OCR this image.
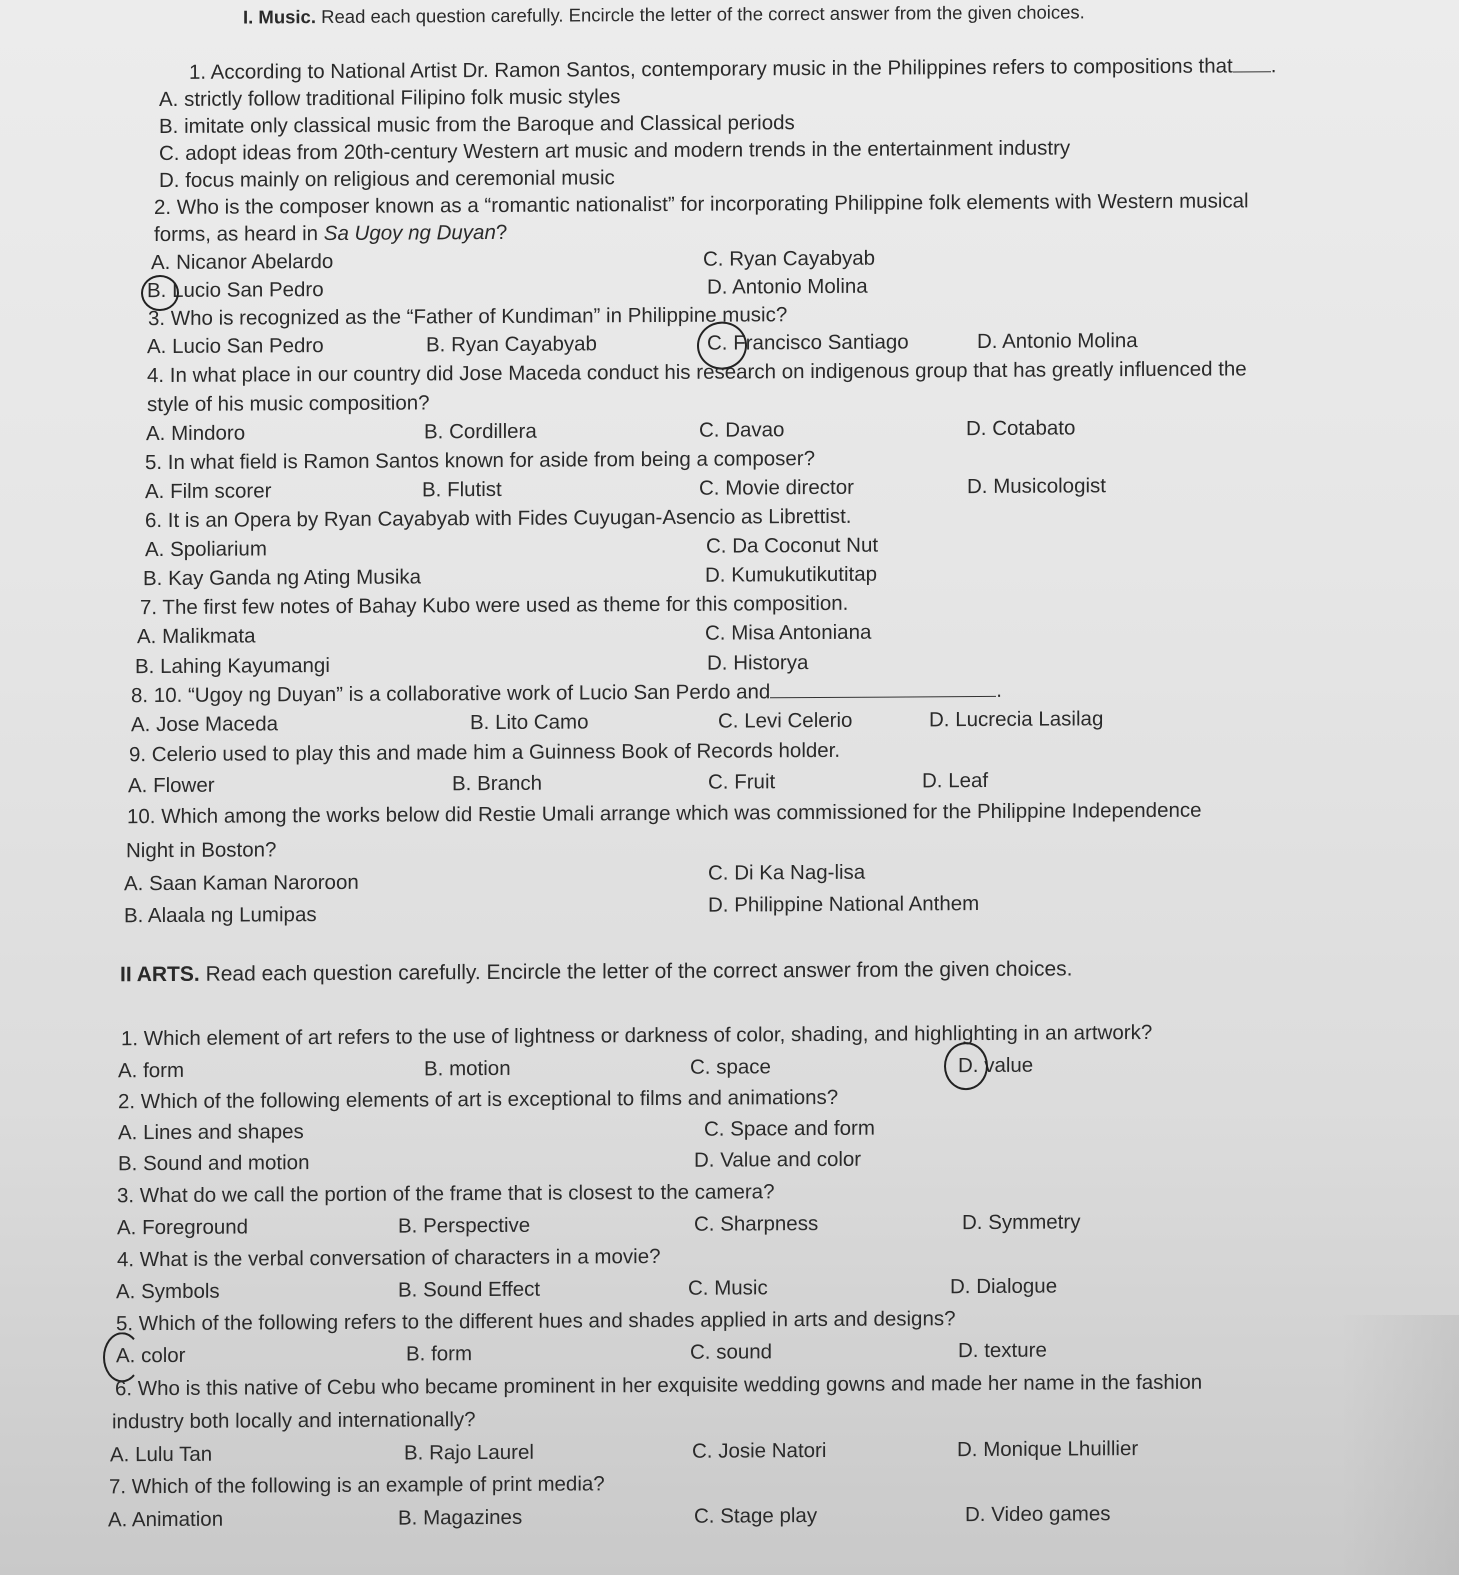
I. Music. Read each question carefully. Encircle the letter of the correct answer from the given choices.
1. According to National Artist Dr. Ramon Santos, contemporary music in the Philippines refers to compositions that .
A. strictly follow traditional Filipino folk music styles
B. imitate only classical music from the Baroque and Classical periods
C. adopt ideas from 20th-century Western art music and modern trends in the entertainment industry
D. focus mainly on religious and ceremonial music
2. Who is the composer known as a “romantic nationalist” for incorporating Philippine folk elements with Western musical
forms, as heard in Sa Ugoy ng Duyan?
A. Nicanor Abelardo
B. Lucio San Pedro
C. Ryan Cayabyab
D. Antonio Molina
3. Who is recognized as the “Father of Kundiman” in Philippine music?
A. Lucio San Pedro	B. Ryan Cayabyab	C. Francisco Santiago	D. Antonio Molina
4. In what place in our country did Jose Maceda conduct his research on indigenous group that has greatly influenced the
style of his music composition?
A. Mindoro	B. Cordillera	C. Davao	D. Cotabato
5. In what field is Ramon Santos known for aside from being a composer?
A. Film scorer	B. Flutist	C. Movie director	D. Musicologist
6. It is an Opera by Ryan Cayabyab with Fides Cuyugan-Asencio as Librettist.
A. Spoliarium
B. Kay Ganda ng Ating Musika
C. Da Coconut Nut
D. Kumukutikutitap
7. The first few notes of Bahay Kubo were used as theme for this composition.
A. Malikmata
B. Lahing Kayumangi
C. Misa Antoniana
D. Historya
8. 10. “Ugoy ng Duyan” is a collaborative work of Lucio San Perdo and	.
A. Jose Maceda	B. Lito Camo	C. Levi Celerio	D. Lucrecia Lasilag
9. Celerio used to play this and made him a Guinness Book of Records holder.
A. Flower	B. Branch	C. Fruit	D. Leaf
10. Which among the works below did Restie Umali arrange which was commissioned for the Philippine Independence
Night in Boston?
A. Saan Kaman Naroroon
B. Alaala ng Lumipas
C. Di Ka Nag-lisa
D. Philippine National Anthem
II ARTS. Read each question carefully. Encircle the letter of the correct answer from the given choices.
1. Which element of art refers to the use of lightness or darkness of color, shading, and highlighting in an artwork?
A. form	B. motion	C. space	D. value
2. Which of the following elements of art is exceptional to films and animations?
A. Lines and shapes
B. Sound and motion
C. Space and form
D. Value and color
3. What do we call the portion of the frame that is closest to the camera?
A. Foreground	B. Perspective	C. Sharpness	D. Symmetry
4. What is the verbal conversation of characters in a movie?
A. Symbols	B. Sound Effect	C. Music	D. Dialogue
5. Which of the following refers to the different hues and shades applied in arts and designs?
A. color	B. form	C. sound	D. texture
6. Who is this native of Cebu who became prominent in her exquisite wedding gowns and made her name in the fashion
industry both locally and internationally?
A. Lulu Tan	B. Rajo Laurel	C. Josie Natori	D. Monique Lhuillier
7. Which of the following is an example of print media?
A. Animation	B. Magazines	C. Stage play	D. Video games
